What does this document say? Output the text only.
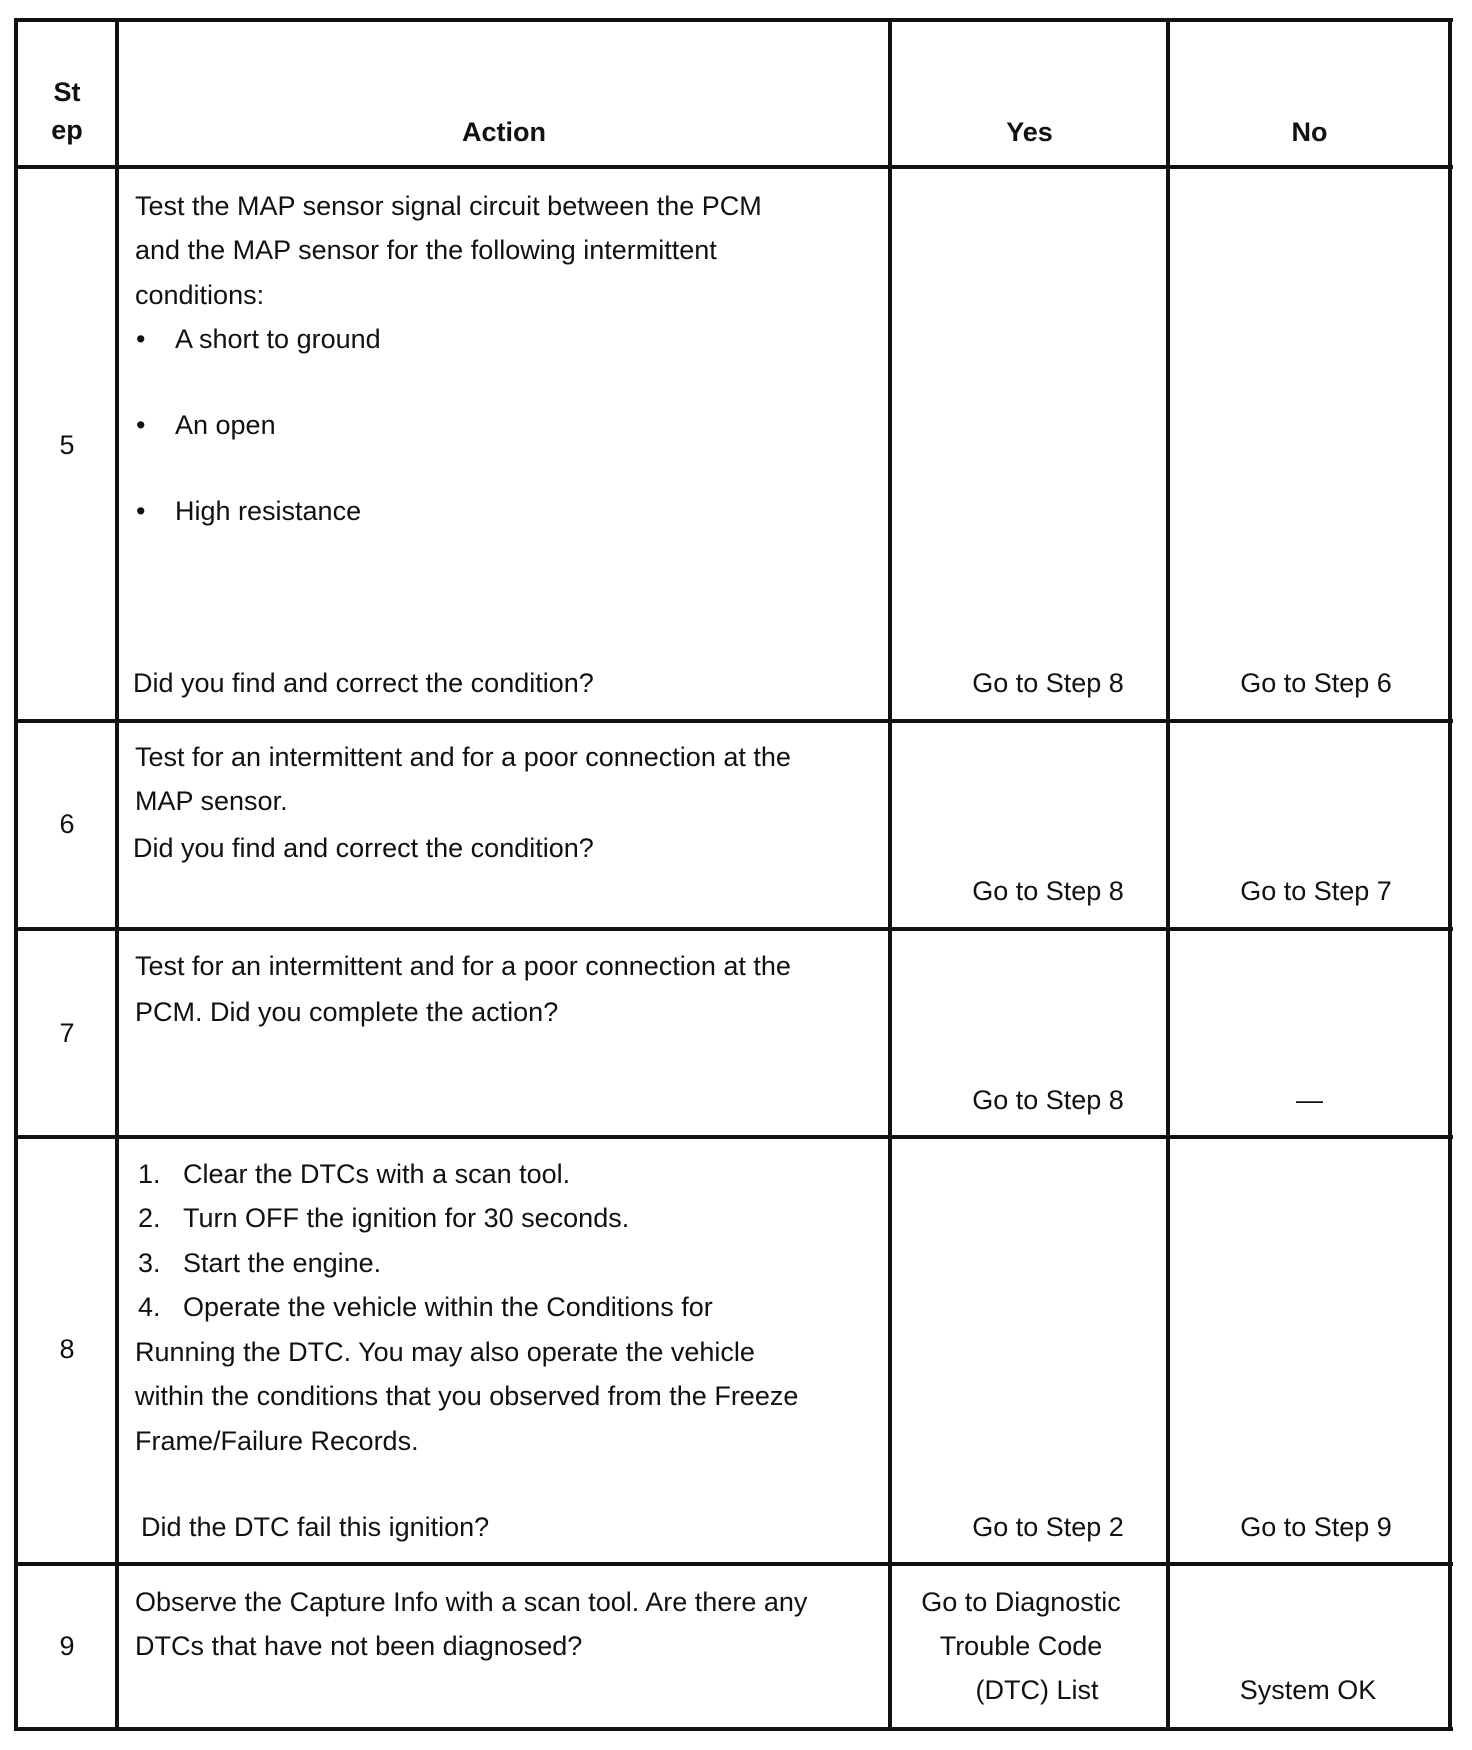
St
ep	Action	Yes	No
5
Test the MAP sensor signal circuit between the PCM
and the MAP sensor for the following intermittent
conditions:
• A short to ground
• An open
• High resistance
Did you find and correct the condition?	Go to Step 8	Go to Step 6
6
Test for an intermittent and for a poor connection at the
MAP sensor.
Did you find and correct the condition?
Go to Step 8	Go to Step 7
7
Test for an intermittent and for a poor connection at the
PCM. Did you complete the action?
Go to Step 8	—
8
1. Clear the DTCs with a scan tool.
2. Turn OFF the ignition for 30 seconds.
3. Start the engine.
4. Operate the vehicle within the Conditions for
Running the DTC. You may also operate the vehicle
within the conditions that you observed from the Freeze
Frame/Failure Records.
Did the DTC fail this ignition?	Go to Step 2	Go to Step 9
9
Observe the Capture Info with a scan tool. Are there any
DTCs that have not been diagnosed?
Go to Diagnostic
Trouble Code
(DTC) List	System OK
